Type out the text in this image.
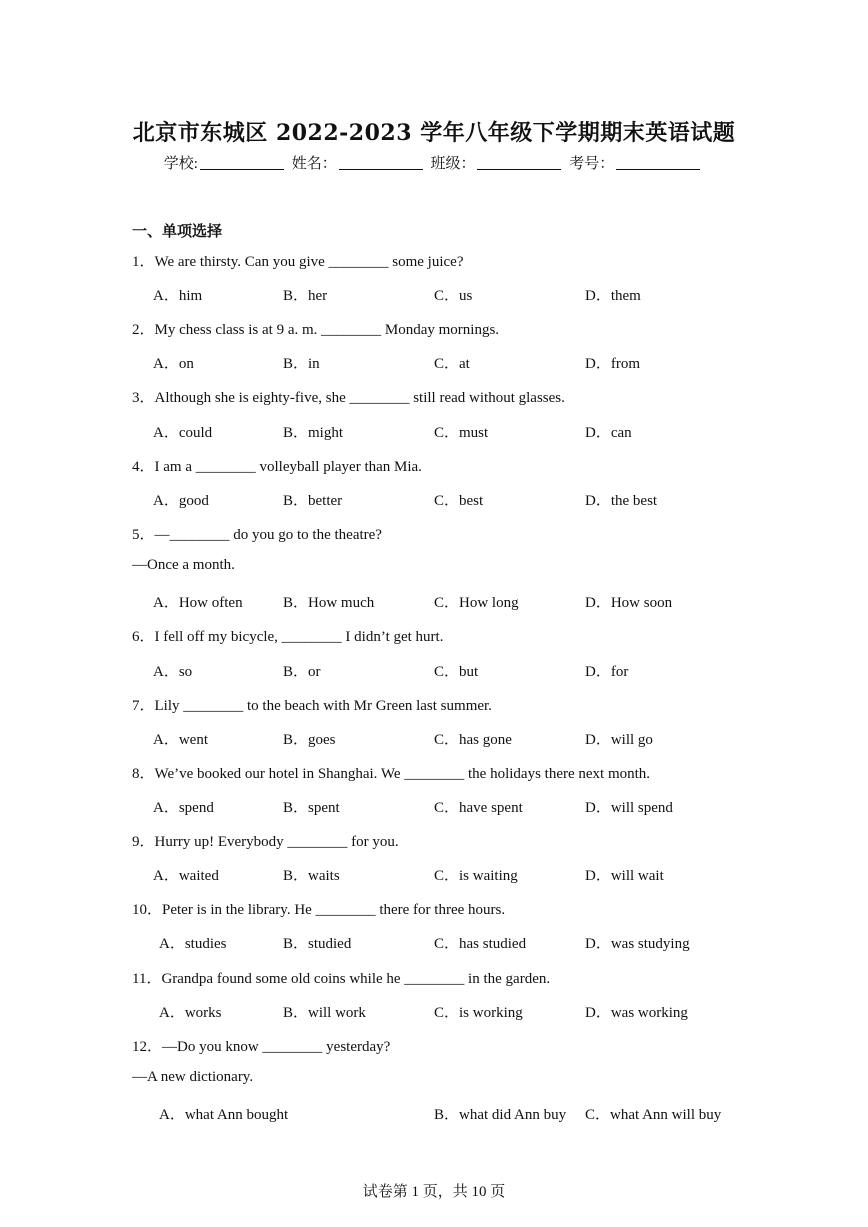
北京市东城区 2022-2023 学年八年级下学期期末英语试题
学校:	姓名：	班级：	考号：
一、单项选择
1．We are thirsty. Can you give ________ some juice?
A．him	B．her	C．us	D．them
2．My chess class is at 9 a. m. ________ Monday mornings.
A．on	B．in	C．at	D．from
3．Although she is eighty-five, she ________ still read without glasses.
A．could	B．might	C．must	D．can
4．I am a ________ volleyball player than Mia.
A．good	B．better	C．best	D．the best
5．—________ do you go to the theatre?
—Once a month.
A．How often	B．How much	C．How long	D．How soon
6．I fell off my bicycle, ________ I didn’t get hurt.
A．so	B．or	C．but	D．for
7．Lily ________ to the beach with Mr Green last summer.
A．went	B．goes	C．has gone	D．will go
8．We’ve booked our hotel in Shanghai. We ________ the holidays there next month.
A．spend	B．spent	C．have spent	D．will spend
9．Hurry up! Everybody ________ for you.
A．waited	B．waits	C．is waiting	D．will wait
10．Peter is in the library. He ________ there for three hours.
A．studies	B．studied	C．has studied	D．was studying
11．Grandpa found some old coins while he ________ in the garden.
A．works	B．will work	C．is working	D．was working
12．—Do you know ________ yesterday?
—A new dictionary.
A．what Ann bought	B．what did Ann buy C．what Ann will buy
试卷第 1 页，共 10 页
